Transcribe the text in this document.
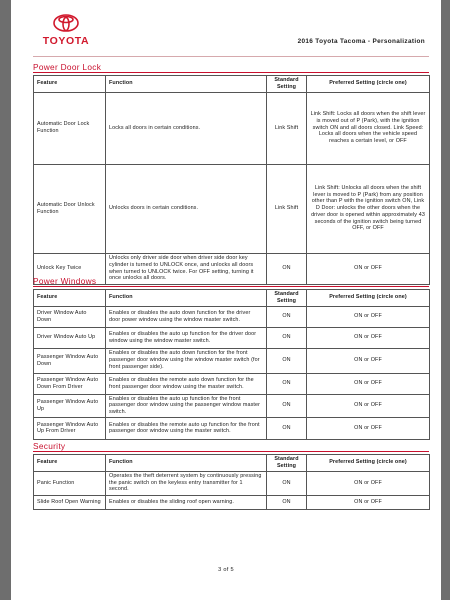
TOYOTA	2016 Toyota Tacoma - Personalization
Power Door Lock
Feature	Function	Standard Setting	Preferred Setting (circle one)
Automatic Door Lock Function	Locks all doors in certain conditions.	Link Shift	Link Shift: Locks all doors when the shift lever is moved out of P (Park), with the ignition switch ON and all doors closed. Link Speed: Locks all doors when the vehicle speed reaches a certain level, or OFF
Automatic Door Unlock Function	Unlocks doors in certain conditions.	Link Shift	Link Shift: Unlocks all doors when the shift lever is moved to P (Park) from any position other than P with the ignition switch ON, Link D Door: unlocks the other doors when the driver door is opened within approximately 43 seconds of the ignition switch being turned OFF, or OFF
Unlock Key Twice	Unlocks only driver side door when driver side door key cylinder is turned to UNLOCK once, and unlocks all doors when turned to UNLOCK twice. For OFF setting, turning it once unlocks all doors.	ON	ON or OFF
Power Windows
Feature	Function	Standard Setting	Preferred Setting (circle one)
Driver Window Auto Down	Enables or disables the auto down function for the driver door power window using the window master switch.	ON	ON or OFF
Driver Window Auto Up	Enables or disables the auto up function for the driver door window using the window master switch.	ON	ON or OFF
Passenger Window Auto Down	Enables or disables the auto down function for the front passenger door window using the window master switch (for front passenger side).	ON	ON or OFF
Passenger Window Auto Down From Driver	Enables or disables the remote auto down function for the front passenger door window using the master switch.	ON	ON or OFF
Passenger Window Auto Up	Enables or disables the auto up function for the front passenger door window using the passenger window master switch.	ON	ON or OFF
Passenger Window Auto Up From Driver	Enables or disables the remote auto up function for the front passenger door window using the master switch.	ON	ON or OFF
Security
Feature	Function	Standard Setting	Preferred Setting (circle one)
Panic Function	Operates the theft deterrent system by continuously pressing the panic switch on the keyless entry transmitter for 1 second.	ON	ON or OFF
Slide Roof Open Warning	Enables or disables the sliding roof open warning.	ON	ON or OFF
3 of 5
